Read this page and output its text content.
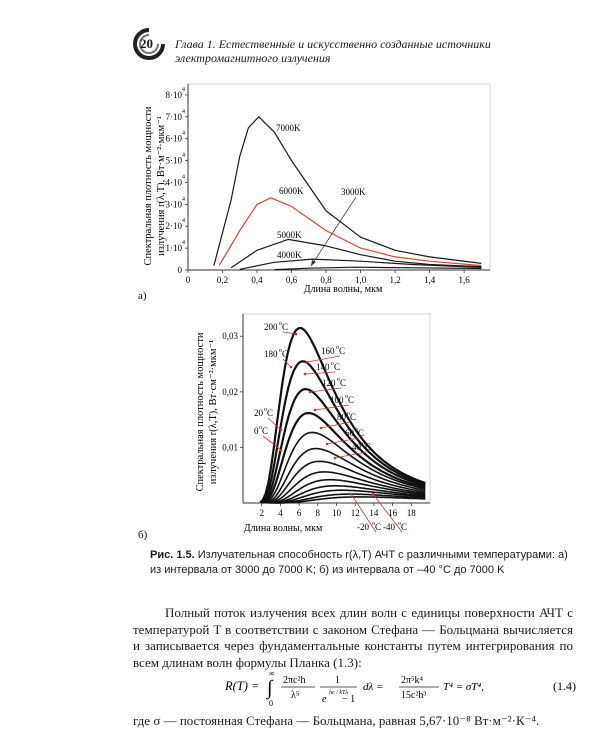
20 Глава 1. Естественные и искусственно созданные источники электромагнитного излучения
а)
Спектральная плотность мощности излучения r(λ,T), Вт·м⁻²·мкм⁻¹
0
1·10 4
2·10 4
3·10 4
4·10 4
5·10 4
6·10 4
7·10 4
8·10 4
0	0,2	0,4	0,6	0,8	1,0	1,2	1,4	1,6
7000K
6000K
5000K
4000K
3000K
Длина волны, мкм
б)
Спектральная плотность мощности излучения r(λ,T), Вт·см⁻²·мкм⁻¹ 0,01
0,02
0,03
2 4 6 8 10 12 14 16 18
200 о C
180 о C
20 о C
0 о C
160 о C
140 о C
120 о C
100 о C
80 о C
60 о C
40 о C
-20 о C -40 о C
Длина волны, мкм
Рис. 1.5. Излучательная способность r(λ,T) АЧТ с различными температурами: а) из интервала от 3000 до 7000 K; б) из интервала от –40 °C до 7000 K
Полный поток излучения всех длин волн с единицы поверхности АЧТ с температурой T в соответствии с законом Стефана — Больцмана вычисляется и записывается через фундаментальные константы путем интегрирования по всем длинам волн формулы Планка (1.3):
R(T) = ∫
∞
0
2πc²h
λ⁵
1
e
hc / kTλ
− 1
dλ =
2π⁵k⁴
15c²h³
T⁴ = σT⁴,	(1.4)
где σ — постоянная Стефана — Больцмана, равная 5,67·10⁻⁸ Вт·м⁻²·К⁻⁴.
